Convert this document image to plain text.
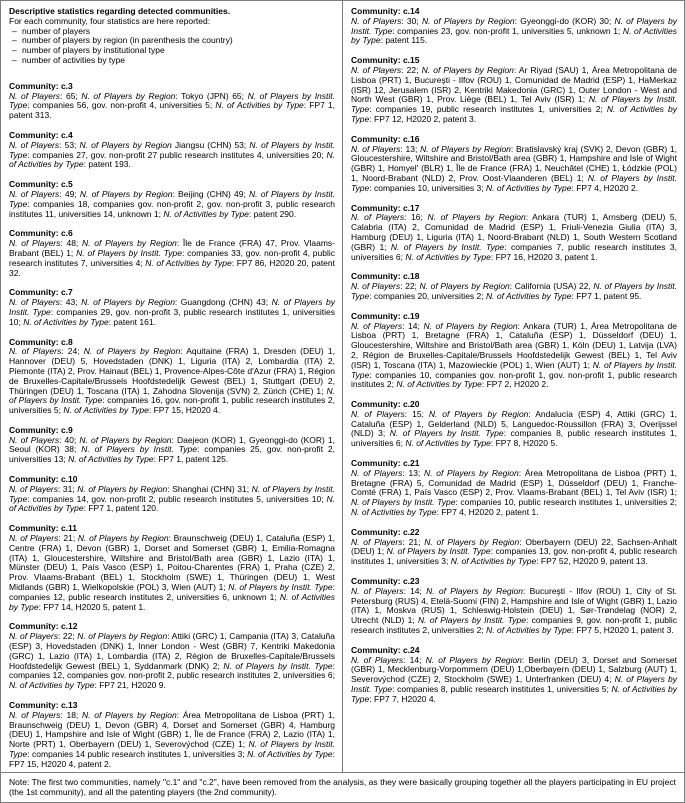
Descriptive statistics regarding detected communities.
For each community, four statistics are here reported:
– number of players
– number of players by region (in parenthesis the country)
– number of players by institutional type
– number of activities by type
Community: c.3

N. of Players: 65; N. of Players by Region: Tokyo (JPN) 65; N. of Players by Instit. Type: companies 56, gov. non-profit 4, universities 5; N. of Activities by Type: FP7 1, patent 313.

Community: c.4

N. of Players: 53; N. of Players by Region Jiangsu (CHN) 53; N. of Players by Instit. Type: companies 27, gov. non-profit 27 public research institutes 4, universities 20; N. of Activities by Type: patent 193.

Community: c.5

N. of Players: 49; N. of Players by Region: Beijing (CHN) 49; N. of Players by Instit. Type: companies 18, companies gov. non-profit 2, gov. non-profit 3, public research institutes 11, universities 14, unknown 1; N. of Activities by Type: patent 290.

Community: c.6

N. of Players: 48; N. of Players by Region: Île de France (FRA) 47, Prov. Vlaams-Brabant (BEL) 1; N. of Players by Instit. Type: companies 33, gov. non-profit 4, public research institutes 7, universities 4; N. of Activities by Type: FP7 86, H2020 20, patent 32.

Community: c.7

N. of Players: 43; N. of Players by Region: Guangdong (CHN) 43; N. of Players by Instit. Type: companies 29, gov. non-profit 3, public research institutes 1, universities 10; N. of Activities by Type: patent 161.

Community: c.8

N. of Players: 24; N. of Players by Region: Aquitaine (FRA) 1, Dresden (DEU) 1, Hannover (DEU) 5, Hovedstaden (DNK) 1, Liguria (ITA) 2, Lombardia (ITA) 2, Piemonte (ITA) 2, Prov. Hainaut (BEL) 1, Provence-Alpes-Côte d'Azur (FRA) 1, Région de Bruxelles-Capitale/Brussels Hoofdstedelijk Gewest (BEL) 1, Stuttgart (DEU) 2, Thüringen (DEU) 1, Toscana (ITA) 1, Zahodna Slovenija (SVN) 2, Zürich (CHE) 1; N. of Players by Instit. Type: companies 16, gov. non-profit 1, public research institutes 2, universities 5; N. of Activities by Type: FP7 15, H2020 4.

Community: c.9

N. of Players: 40; N. of Players by Region: Daejeon (KOR) 1, Gyeonggi-do (KOR) 1, Seoul (KOR) 38; N. of Players by Instit. Type: companies 25, gov. non-profit 2, universities 13; N. of Activities by Type: FP7 1, patent 125.

Community: c.10

N. of Players: 31; N. of Players by Region: Shanghai (CHN) 31; N. of Players by Instit. Type: companies 14, gov. non-profit 2, public research institutes 5, universities 10; N. of Activities by Type: FP7 1, patent 120.

Community: c.11

N. of Players: 21; N. of Players by Region: Braunschweig (DEU) 1, Cataluña (ESP) 1, Centre (FRA) 1, Devon (GBR) 1, Dorset and Somerset (GBR) 1, Emilia-Romagna (ITA) 1, Gloucestershire, Wiltshire and Bristol/Bath area (GBR) 1, Lazio (ITA) 1, Münster (DEU) 1, País Vasco (ESP) 1, Poitou-Charentes (FRA) 1, Praha (CZE) 2, Prov. Vlaams-Brabant (BEL) 1, Stockholm (SWE) 1, Thüringen (DEU) 1, West Midlands (GBR) 1, Wielkopolskie (POL) 3, Wien (AUT) 1; N. of Players by Instit. Type: companies 12, public research institutes 2, universities 6, unknown 1; N. of Activities by Type: FP7 14, H2020 5, patent 1.

Community: c.12

N. of Players: 22; N. of Players by Region: Attiki (GRC) 1, Campania (ITA) 3, Cataluña (ESP) 3, Hovedstaden (DNK) 1, Inner London - West (GBR) 7, Kentriki Makedonia (GRC) 1, Lazio (ITA) 1, Lombardia (ITA) 2, Région de Bruxelles-Capitale/Brussels Hoofdstedelijk Gewest (BEL) 1, Syddanmark (DNK) 2; N. of Players by Instit. Type: companies 12, companies gov. non-profit 2, public research institutes 2, universities 6; N. of Activities by Type: FP7 21, H2020 9.

Community: c.13

N. of Players: 18; N. of Players by Region: Área Metropolitana de Lisboa (PRT) 1, Braunschweig (DEU) 1, Devon (GBR) 4, Dorset and Somerset (GBR) 4, Hamburg (DEU) 1, Hampshire and Isle of Wight (GBR) 1, Île de France (FRA) 2, Lazio (ITA) 1, Norte (PRT) 1, Oberbayern (DEU) 1, Severovýchod (CZE) 1; N. of Players by Instit. Type: companies 14 public research institutes 1, universities 3; N. of Activities by Type: FP7 15, H2020 4, patent 2.

Community: c.14

N. of Players: 30; N. of Players by Region: Gyeonggi-do (KOR) 30; N. of Players by Instit. Type: companies 23, gov. non-profit 1, universities 5, unknown 1; N. of Activities by Type: patent 115.

Community: c.15

N. of Players: 22; N. of Players by Region: Ar Riyad (SAU) 1, Área Metropolitana de Lisboa (PRT) 1, Bucureşti - Ilfov (ROU) 1, Comunidad de Madrid (ESP) 1, HaMerkaz (ISR) 12, Jerusalem (ISR) 2, Kentriki Makedonia (GRC) 1, Outer London - West and North West (GBR) 1, Prov. Liège (BEL) 1, Tel Aviv (ISR) 1; N. of Players by Instit. Type: companies 19, public research institutes 1, universities 2; N. of Activities by Type: FP7 12, H2020 2, patent 3.

Community: c.16

N. of Players: 13; N. of Players by Region: Bratislavský kraj (SVK) 2, Devon (GBR) 1, Gloucestershire, Wiltshire and Bristol/Bath area (GBR) 1, Hampshire and Isle of Wight (GBR) 1, Homyel' (BLR) 1, Île de France (FRA) 1, Neuchâtel (CHE) 1, Łódzkie (POL) 1, Noord-Brabant (NLD) 2, Prov. Oost-Vlaanderen (BEL) 1; N. of Players by Instit. Type: companies 10, universities 3; N. of Activities by Type: FP7 4, H2020 2.

Community: c.17

N. of Players: 16; N. of Players by Region: Ankara (TUR) 1, Arnsberg (DEU) 5, Calabria (ITA) 2, Comunidad de Madrid (ESP) 1, Friuli-Venezia Giulia (ITA) 3, Hamburg (DEU) 1, Liguria (ITA) 1, Noord-Brabant (NLD) 1, South Western Scotland (GBR) 1; N. of Players by Instit. Type: companies 7, public research institutes 3, universities 6; N. of Activities by Type: FP7 16, H2020 3, patent 1.

Community: c.18

N. of Players: 22; N. of Players by Region: California (USA) 22, N. of Players by Instit. Type: companies 20, universities 2; N. of Activities by Type: FP7 1, patent 95.

Community: c.19

N. of Players: 14; N. of Players by Region: Ankara (TUR) 1, Área Metropolitana de Lisboa (PRT) 1, Bretagne (FRA) 1, Cataluña (ESP) 1, Düsseldorf (DEU) 1, Gloucestershire, Wiltshire and Bristol/Bath area (GBR) 1, Köln (DEU) 1, Latvija (LVA) 2, Région de Bruxelles-Capitale/Brussels Hoofdstedelijk Gewest (BEL) 1, Tel Aviv (ISR) 1, Toscana (ITA) 1, Mazowieckie (POL) 1, Wien (AUT) 1; N. of Players by Instit. Type: companies 10, companies gov. non-profit 1, gov. non-profit 1, public research institutes 2; N. of Activities by Type: FP7 2, H2020 2.

Community: c.20

N. of Players: 15; N. of Players by Region: Andalucía (ESP) 4, Attiki (GRC) 1, Cataluña (ESP) 1, Gelderland (NLD) 5, Languedoc-Roussillon (FRA) 3, Overijssel (NLD) 3; N. of Players by Instit. Type: companies 8, public research institutes 1, universities 6; N. of Activities by Type: FP7 8, H2020 5.

Community: c.21

N. of Players: 13; N. of Players by Region: Área Metropolitana de Lisboa (PRT) 1, Bretagne (FRA) 5, Comunidad de Madrid (ESP) 1, Düsseldorf (DEU) 1, Franche-Comté (FRA) 1, País Vasco (ESP) 2, Prov. Vlaams-Brabant (BEL) 1, Tel Aviv (ISR) 1; N. of Players by Instit. Type: companies 10, public research institutes 1, universities 2; N. of Activities by Type: FP7 4, H2020 2, patent 1.

Community: c.22

N. of Players: 21; N. of Players by Region: Oberbayern (DEU) 22, Sachsen-Anhalt (DEU) 1; N. of Players by Instit. Type: companies 13, gov. non-profit 4, public research institutes 1, universities 3; N. of Activities by Type: FP7 52, H2020 9, patent 13.

Community: c.23

N. of Players: 14; N. of Players by Region: Bucureşti - Ilfov (ROU) 1, City of St. Petersburg (RUS) 4, Etelä-Suomi (FIN) 2, Hampshire and Isle of Wight (GBR) 1, Lazio (ITA) 1, Moskva (RUS) 1, Schleswig-Holstein (DEU) 1, Sør-Trøndelag (NOR) 2, Utrecht (NLD) 1; N. of Players by Instit. Type: companies 9, gov. non-profit 1, public research institutes 2, universities 2; N. of Activities by Type: FP7 5, H2020 1, patent 3.

Community: c.24

N. of Players: 14; N. of Players by Region: Berlin (DEU) 3, Dorset and Somerset (GBR) 1, Mecklenburg-Vorpommern (DEU) 1,Oberbayern (DEU) 1, Salzburg (AUT) 1, Severovýchod (CZE) 2, Stockholm (SWE) 1, Unterfranken (DEU) 4; N. of Players by Instit. Type: companies 8, public research institutes 1, universities 5; N. of Activities by Type: FP7 7, H2020 4.

Note: The first two communities, namely "c.1" and "c.2", have been removed from the analysis, as they were basically grouping together all the players participating in EU project (the 1st community), and all the patenting players (the 2nd community).
